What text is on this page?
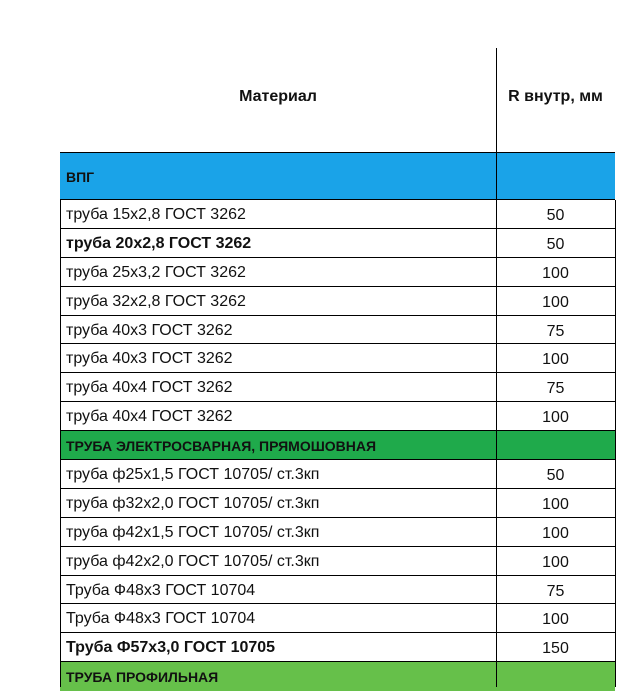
Материал	R внутр, мм
ВПГ
труба 15х2,8 ГОСТ 3262	50
труба 20х2,8 ГОСТ 3262	50
труба 25х3,2 ГОСТ 3262	100
труба 32х2,8 ГОСТ 3262	100
труба 40х3 ГОСТ 3262	75
труба 40х3 ГОСТ 3262	100
труба 40х4 ГОСТ 3262	75
труба 40х4 ГОСТ 3262	100
ТРУБА ЭЛЕКТРОСВАРНАЯ, ПРЯМОШОВНАЯ
труба ф25х1,5 ГОСТ 10705/ ст.3кп	50
труба ф32х2,0 ГОСТ 10705/ ст.3кп	100
труба ф42х1,5 ГОСТ 10705/ ст.3кп	100
труба ф42х2,0 ГОСТ 10705/ ст.3кп	100
Труба Ф48х3 ГОСТ 10704	75
Труба Ф48х3 ГОСТ 10704	100
Труба Ф57х3,0 ГОСТ 10705	150
ТРУБА ПРОФИЛЬНАЯ
